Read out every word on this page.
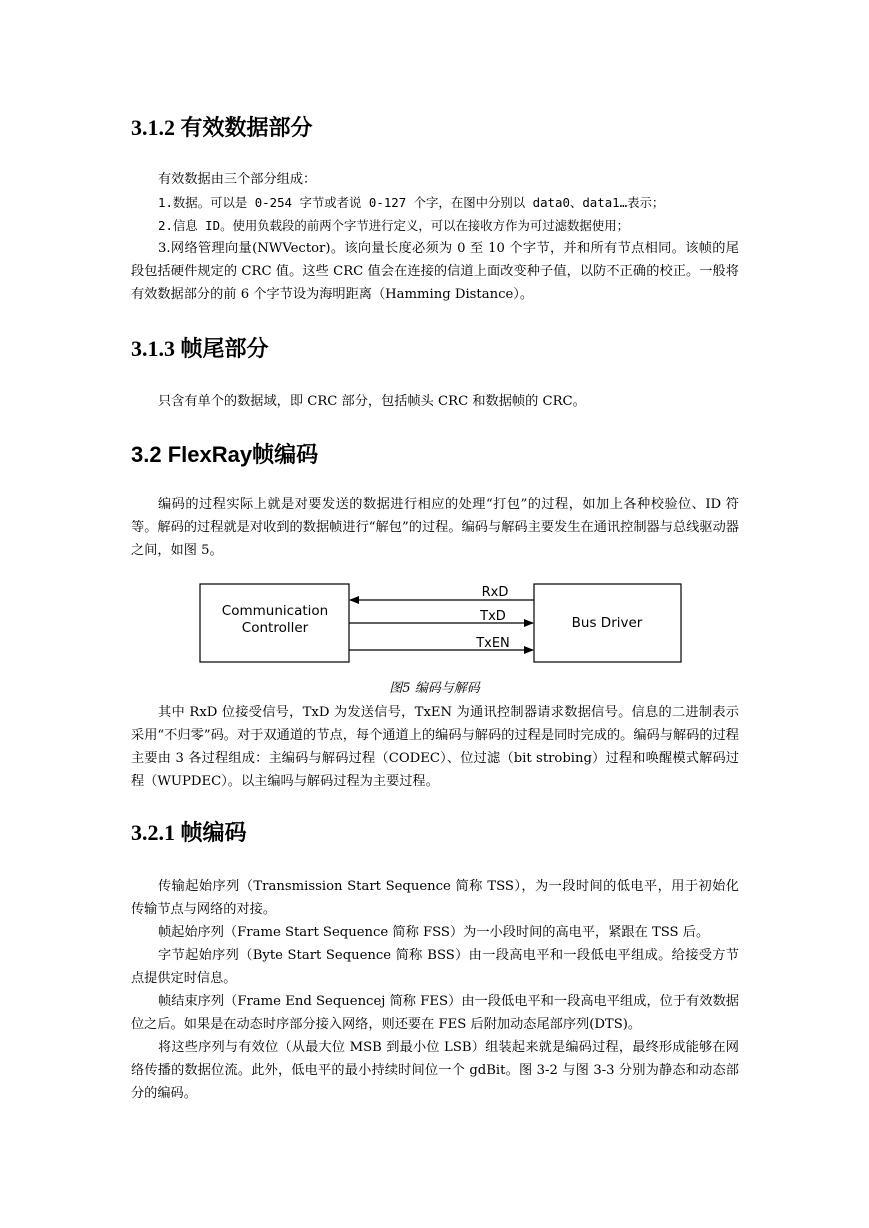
3.1.2 有效数据部分

有效数据由三个部分组成：

1.数据。可以是 0-254 字节或者说 0-127 个字，在图中分别以 data0、data1…表示；

2.信息 ID。使用负载段的前两个字节进行定义，可以在接收方作为可过滤数据使用；

3.网络管理向量(NWVector)。该向量长度必须为 0 至 10 个字节，并和所有节点相同。该帧的尾段包括硬件规定的 CRC 值。这些 CRC 值会在连接的信道上面改变种子值，以防不正确的校正。一般将有效数据部分的前 6 个字节设为海明距离（Hamming Distance）。

3.1.3 帧尾部分

只含有单个的数据域，即 CRC 部分，包括帧头 CRC 和数据帧的 CRC。

3.2 FlexRay帧编码

编码的过程实际上就是对要发送的数据进行相应的处理“打包”的过程，如加上各种校验位、ID 符等。解码的过程就是对收到的数据帧进行“解包”的过程。编码与解码主要发生在通讯控制器与总线驱动器之间，如图 5。

Communication
Controller	Bus Driver
RxD
TxD
TxEN
图5 编码与解码

其中 RxD 位接受信号，TxD 为发送信号，TxEN 为通讯控制器请求数据信号。信息的二进制表示采用“不归零”码。对于双通道的节点，每个通道上的编码与解码的过程是同时完成的。编码与解码的过程主要由 3 各过程组成：主编码与解码过程（CODEC）、位过滤（bit strobing）过程和唤醒模式解码过程（WUPDEC）。以主编吗与解码过程为主要过程。

3.2.1 帧编码

传输起始序列（Transmission Start Sequence 简称 TSS），为一段时间的低电平，用于初始化传输节点与网络的对接。

帧起始序列（Frame Start Sequence 简称 FSS）为一小段时间的高电平，紧跟在 TSS 后。

字节起始序列（Byte Start Sequence 简称 BSS）由一段高电平和一段低电平组成。给接受方节点提供定时信息。

帧结束序列（Frame End Sequencej 简称 FES）由一段低电平和一段高电平组成，位于有效数据位之后。如果是在动态时序部分接入网络，则还要在 FES 后附加动态尾部序列(DTS)。

将这些序列与有效位（从最大位 MSB 到最小位 LSB）组装起来就是编码过程，最终形成能够在网络传播的数据位流。此外，低电平的最小持续时间位一个 gdBit。图 3-2 与图 3-3 分别为静态和动态部分的编码。
